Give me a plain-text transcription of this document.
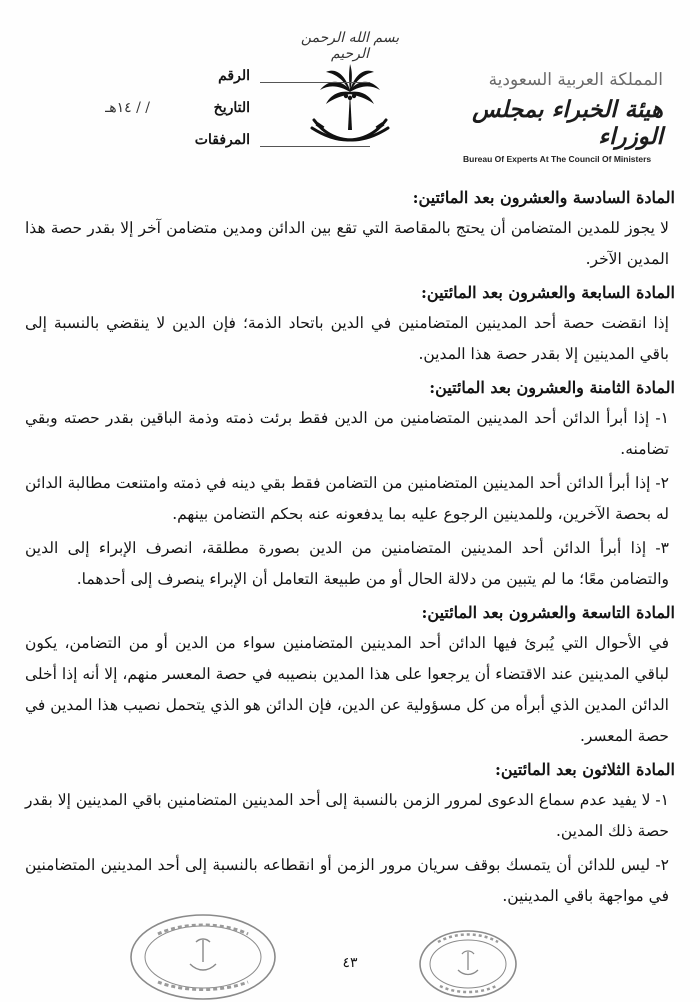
بسم الله الرحمن الرحيم
الرقم
التاريخ
المرفقات
/ / ١٤هـ
المملكة العربية السعودية
هيئة الخبراء بمجلس الوزراء
Bureau Of Experts At The Council Of Ministers

المادة السادسة والعشرون بعد المائتين:

لا يجوز للمدين المتضامن أن يحتج بالمقاصة التي تقع بين الدائن ومدين متضامن آخر إلا بقدر حصة هذا المدين الآخر.

المادة السابعة والعشرون بعد المائتين:

إذا انقضت حصة أحد المدينين المتضامنين في الدين باتحاد الذمة؛ فإن الدين لا ينقضي بالنسبة إلى باقي المدينين إلا بقدر حصة هذا المدين.

المادة الثامنة والعشرون بعد المائتين:

١- إذا أبرأ الدائن أحد المدينين المتضامنين من الدين فقط برئت ذمته وذمة الباقين بقدر حصته وبقي تضامنه.

٢- إذا أبرأ الدائن أحد المدينين المتضامنين من التضامن فقط بقي دينه في ذمته وامتنعت مطالبة الدائن له بحصة الآخرين، وللمدينين الرجوع عليه بما يدفعونه عنه بحكم التضامن بينهم.

٣- إذا أبرأ الدائن أحد المدينين المتضامنين من الدين بصورة مطلقة، انصرف الإبراء إلى الدين والتضامن معًا؛ ما لم يتبين من دلالة الحال أو من طبيعة التعامل أن الإبراء ينصرف إلى أحدهما.

المادة التاسعة والعشرون بعد المائتين:

في الأحوال التي يُبرئ فيها الدائن أحد المدينين المتضامنين سواء من الدين أو من التضامن، يكون لباقي المدينين عند الاقتضاء أن يرجعوا على هذا المدين بنصيبه في حصة المعسر منهم، إلا أنه إذا أخلى الدائن المدين الذي أبرأه من كل مسؤولية عن الدين، فإن الدائن هو الذي يتحمل نصيب هذا المدين في حصة المعسر.

المادة الثلاثون بعد المائتين:

١- لا يفيد عدم سماع الدعوى لمرور الزمن بالنسبة إلى أحد المدينين المتضامنين باقي المدينين إلا بقدر حصة ذلك المدين.

٢- ليس للدائن أن يتمسك بوقف سريان مرور الزمن أو انقطاعه بالنسبة إلى أحد المدينين المتضامنين في مواجهة باقي المدينين.

٤٣
